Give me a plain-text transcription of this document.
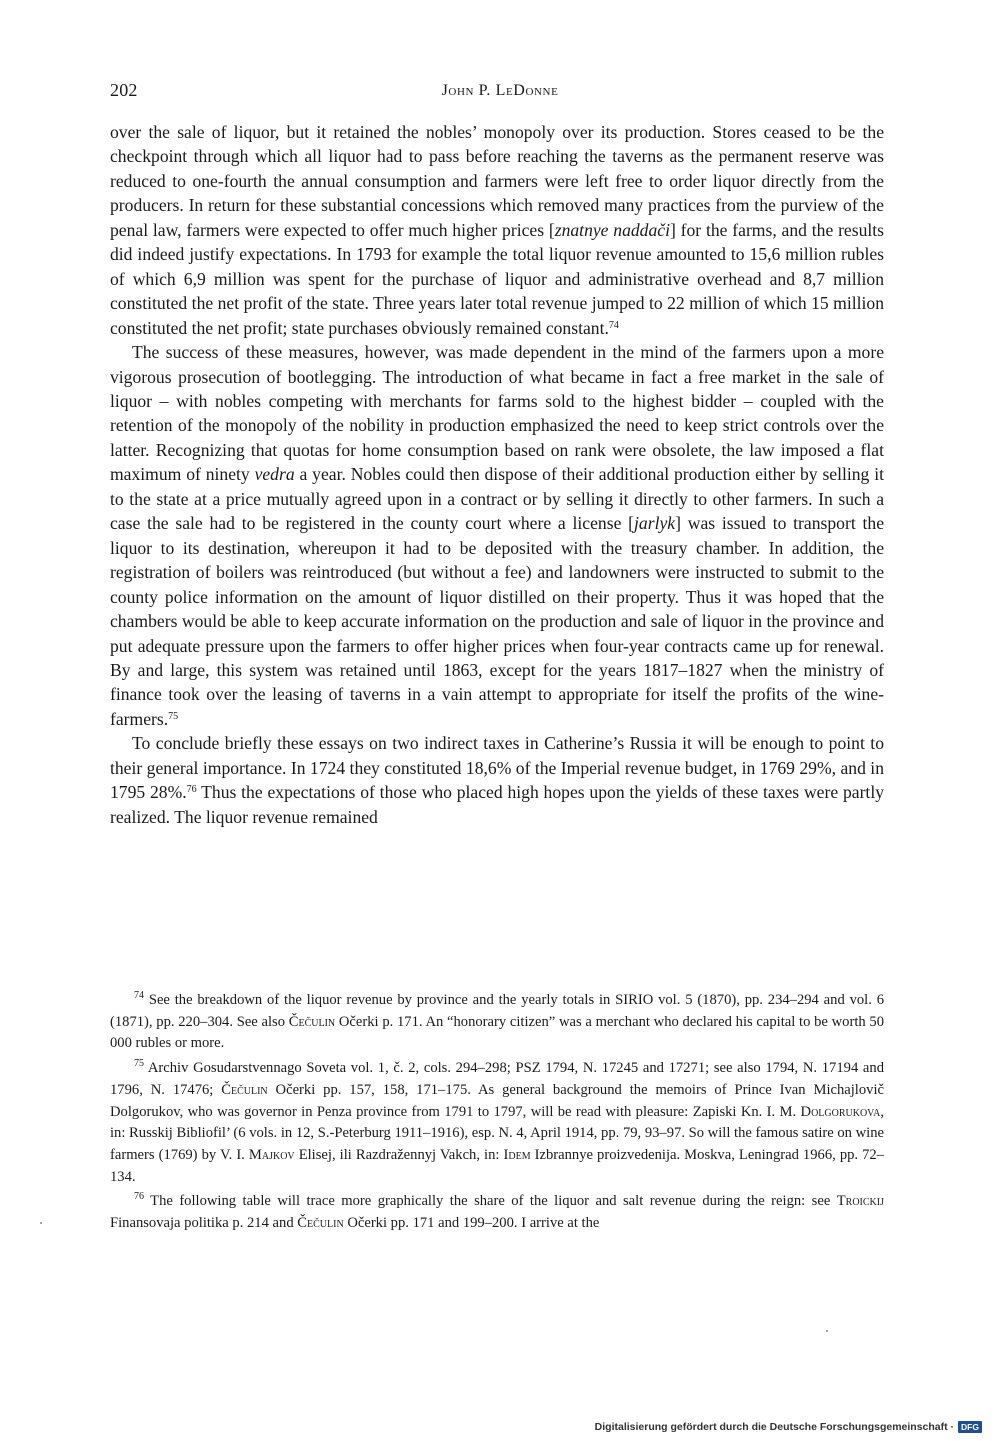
202	John P. LeDonne

over the sale of liquor, but it retained the nobles’ monopoly over its production. Stores ceased to be the checkpoint through which all liquor had to pass before reaching the taverns as the permanent reserve was reduced to one-fourth the annual consumption and farmers were left free to order liquor directly from the producers. In return for these substantial concessions which removed many practices from the purview of the penal law, farmers were expected to offer much higher prices [znatnye naddači] for the farms, and the results did indeed justify expectations. In 1793 for example the total liquor revenue amounted to 15,6 million rubles of which 6,9 million was spent for the purchase of liquor and administrative overhead and 8,7 million constituted the net profit of the state. Three years later total revenue jumped to 22 million of which 15 million constituted the net profit; state purchases obviously remained constant.$^{74}$

The success of these measures, however, was made dependent in the mind of the farmers upon a more vigorous prosecution of bootlegging. The introduction of what became in fact a free market in the sale of liquor – with nobles competing with merchants for farms sold to the highest bidder – coupled with the retention of the monopoly of the nobility in production emphasized the need to keep strict controls over the latter. Recognizing that quotas for home consumption based on rank were obsolete, the law imposed a flat maximum of ninety vedra a year. Nobles could then dispose of their additional production either by selling it to the state at a price mutually agreed upon in a contract or by selling it directly to other farmers. In such a case the sale had to be registered in the county court where a license [jarlyk] was issued to transport the liquor to its destination, whereupon it had to be deposited with the treasury chamber. In addition, the registration of boilers was reintroduced (but without a fee) and landowners were instructed to submit to the county police information on the amount of liquor distilled on their property. Thus it was hoped that the chambers would be able to keep accurate information on the production and sale of liquor in the province and put adequate pressure upon the farmers to offer higher prices when four-year contracts came up for renewal. By and large, this system was retained until 1863, except for the years 1817–1827 when the ministry of finance took over the leasing of taverns in a vain attempt to appropriate for itself the profits of the wine-farmers.$^{75}$

To conclude briefly these essays on two indirect taxes in Catherine’s Russia it will be enough to point to their general importance. In 1724 they constituted 18,6% of the Imperial revenue budget, in 1769 29%, and in 1795 28%.$^{76}$ Thus the expectations of those who placed high hopes upon the yields of these taxes were partly realized. The liquor revenue remained

$^{74}$ See the breakdown of the liquor revenue by province and the yearly totals in SIRIO vol. 5 (1870), pp. 234–294 and vol. 6 (1871), pp. 220–304. See also Čečulin Očerki p. 171. An “honorary citizen” was a merchant who declared his capital to be worth 50 000 rubles or more.

$^{75}$ Archiv Gosudarstvennago Soveta vol. 1, č. 2, cols. 294–298; PSZ 1794, N. 17245 and 17271; see also 1794, N. 17194 and 1796, N. 17476; Čečulin Očerki pp. 157, 158, 171–175. As general background the memoirs of Prince Ivan Michajlovič Dolgorukov, who was governor in Penza province from 1791 to 1797, will be read with pleasure: Zapiski Kn. I. M. Dolgorukova, in: Russkij Bibliofil’ (6 vols. in 12, S.-Peterburg 1911–1916), esp. N. 4, April 1914, pp. 79, 93–97. So will the famous satire on wine farmers (1769) by V. I. Majkov Elisej, ili Razdražennyj Vakch, in: Idem Izbrannye proizvedenija. Moskva, Leningrad 1966, pp. 72–134.

$^{76}$ The following table will trace more graphically the share of the liquor and salt revenue during the reign: see Troickij Finansovaja politika p. 214 and Čečulin Očerki pp. 171 and 199–200. I arrive at the

Digitalisierung gefördert durch die Deutsche Forschungsgemeinschaft · DFG
